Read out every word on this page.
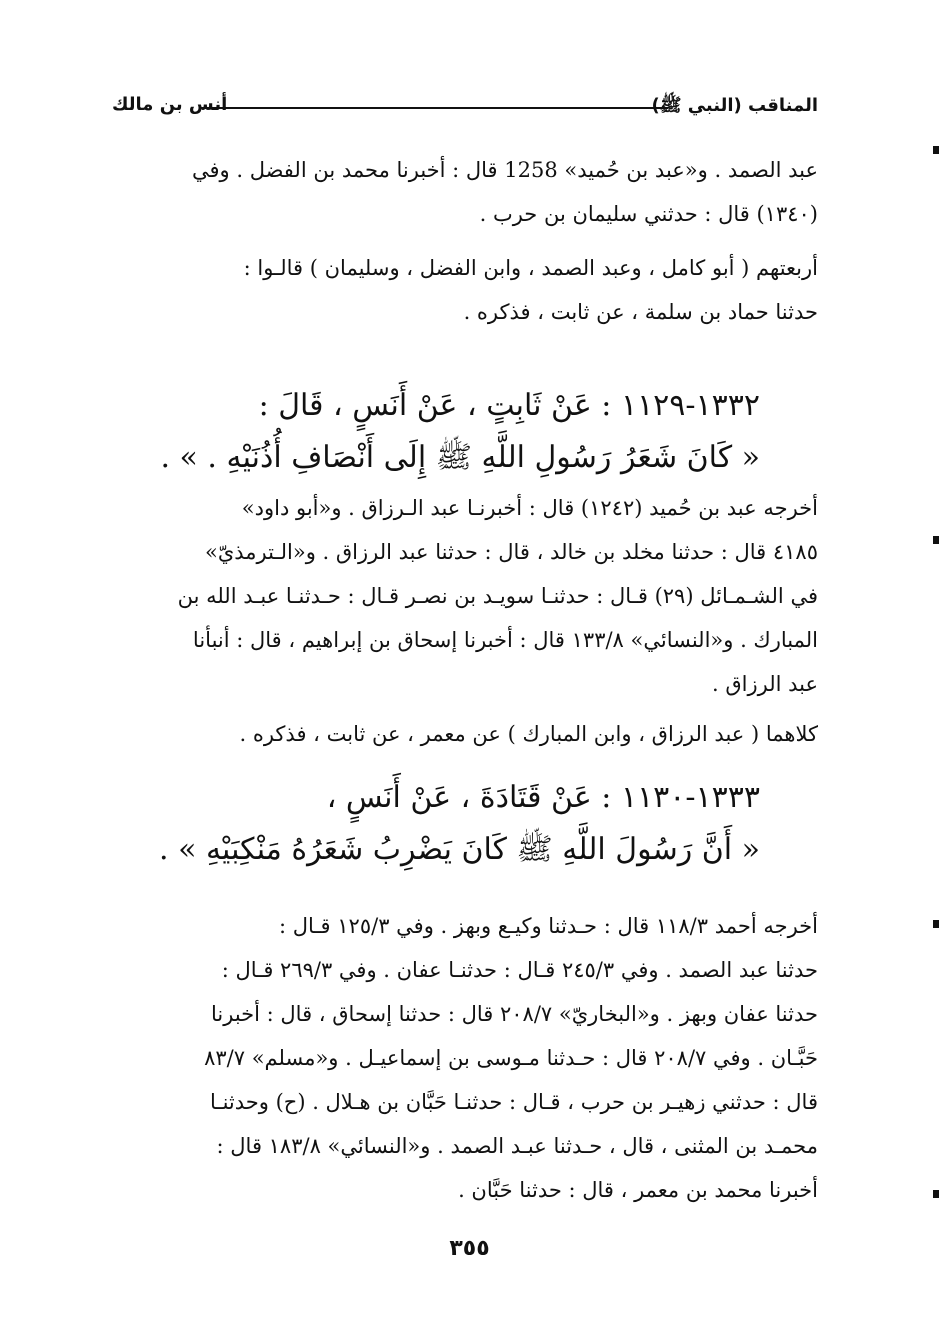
المناقب (النبي ﷺ)
أنس بن مالك

عبد الصمد . و«عبد بن حُميد» 1258 قال : أخبرنا محمد بن الفضل . وفي

(١٣٤٠) قال : حدثني سليمان بن حرب .

أربعتهم ( أبو كامل ، وعبد الصمد ، وابن الفضل ، وسليمان ) قالـوا :

حدثنا حماد بن سلمة ، عن ثابت ، فذكره .

١٣٣٢-١١٢٩ : عَنْ ثَابِتٍ ، عَنْ أَنَسٍ ، قَالَ :

« كَانَ شَعَرُ رَسُولِ اللَّهِ ﷺ إِلَى أَنْصَافِ أُذُنَيْهِ . » .

أخرجه عبد بن حُميد (١٢٤٢) قال : أخبرنـا عبد الـرزاق . و«أبو داود»

٤١٨٥ قال : حدثنا مخلد بن خالد ، قال : حدثنا عبد الرزاق . و«الـترمذيّ»

في الشـمـائل (٢٩) قـال : حدثنـا سويـد بن نصـر قـال : حـدثنـا عبـد الله بن

المبارك . و«النسائي» ١٣٣/٨ قال : أخبرنا إسحاق بن إبراهيم ، قال : أنبأنا

عبد الرزاق .

كلاهما ( عبد الرزاق ، وابن المبارك ) عن معمر ، عن ثابت ، فذكره .

١٣٣٣-١١٣٠ : عَنْ قَتَادَةَ ، عَنْ أَنَسٍ ،

« أَنَّ رَسُولَ اللَّهِ ﷺ كَانَ يَضْرِبُ شَعَرُهُ مَنْكِبَيْهِ » .

أخرجه أحمد ١١٨/٣ قال : حـدثنا وكيـع وبهز . وفي ١٢٥/٣ قـال :

حدثنا عبد الصمد . وفي ٢٤٥/٣ قـال : حدثنـا عفان . وفي ٢٦٩/٣ قـال :

حدثنا عفان وبهز . و«البخاريّ» ٢٠٨/٧ قال : حدثنا إسحاق ، قال : أخبرنا

حَبَّـان . وفي ٢٠٨/٧ قال : حـدثنا مـوسى بن إسماعيـل . و«مسلم» ٨٣/٧

قال : حدثني زهيـر بن حرب ، قـال : حدثنـا حَبَّان بن هـلال . (ح) وحدثنـا

محمـد بن المثنى ، قال ، حـدثنا عبـد الصمد . و«النسائي» ١٨٣/٨ قال :

أخبرنا محمد بن معمر ، قال : حدثنا حَبَّان .

٣٥٥
